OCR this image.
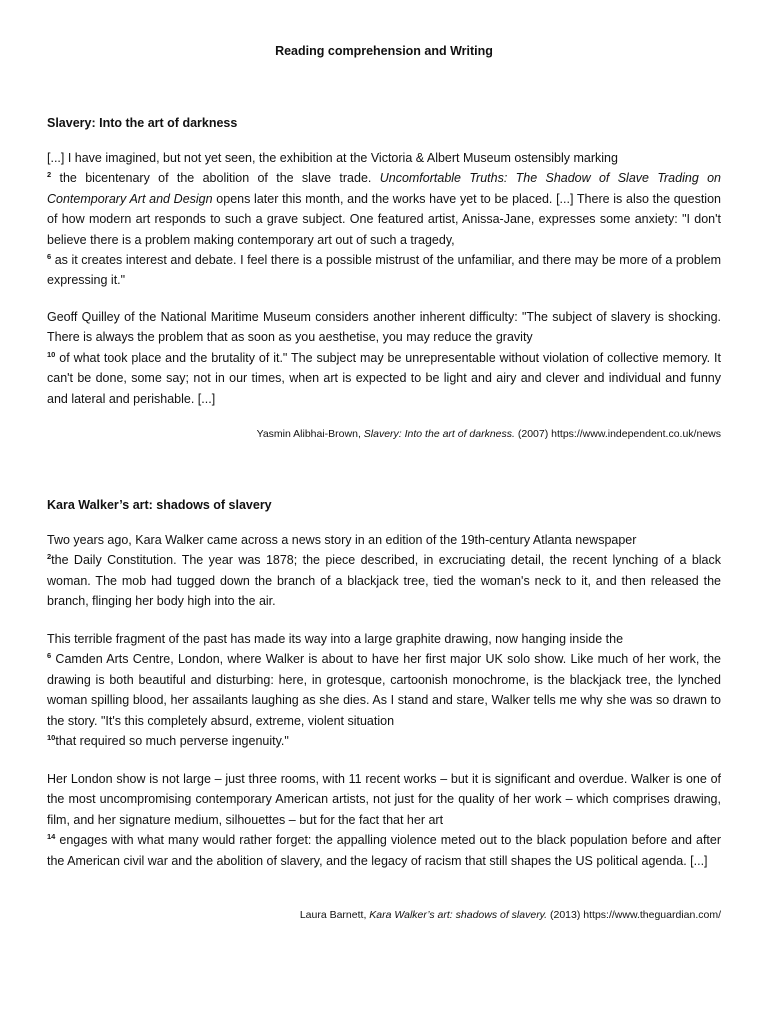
Reading comprehension and Writing
Slavery: Into the art of darkness
[...] I have imagined, but not yet seen, the exhibition at the Victoria & Albert Museum ostensibly marking
$^2$ the bicentenary of the abolition of the slave trade. Uncomfortable Truths: The Shadow of Slave Trading on Contemporary Art and Design opens later this month, and the works have yet to be placed. [...] There is also the question of how modern art responds to such a grave subject. One featured artist, Anissa-Jane, expresses some anxiety: "I don't believe there is a problem making contemporary art out of such a tragedy,
$^6$ as it creates interest and debate. I feel there is a possible mistrust of the unfamiliar, and there may be more of a problem expressing it."
Geoff Quilley of the National Maritime Museum considers another inherent difficulty: "The subject of slavery is shocking. There is always the problem that as soon as you aesthetise, you may reduce the gravity
$^{10}$ of what took place and the brutality of it." The subject may be unrepresentable without violation of collective memory. It can't be done, some say; not in our times, when art is expected to be light and airy and clever and individual and funny and lateral and perishable. [...]
Yasmin Alibhai-Brown, Slavery: Into the art of darkness. (2007) https://www.independent.co.uk/news
Kara Walker’s art: shadows of slavery
Two years ago, Kara Walker came across a news story in an edition of the 19th-century Atlanta newspaper
$^2$the Daily Constitution. The year was 1878; the piece described, in excruciating detail, the recent lynching of a black woman. The mob had tugged down the branch of a blackjack tree, tied the woman's neck to it, and then released the branch, flinging her body high into the air.
This terrible fragment of the past has made its way into a large graphite drawing, now hanging inside the
$^6$ Camden Arts Centre, London, where Walker is about to have her first major UK solo show. Like much of her work, the drawing is both beautiful and disturbing: here, in grotesque, cartoonish monochrome, is the blackjack tree, the lynched woman spilling blood, her assailants laughing as she dies. As I stand and stare, Walker tells me why she was so drawn to the story. "It's this completely absurd, extreme, violent situation
$^{10}$that required so much perverse ingenuity."
Her London show is not large – just three rooms, with 11 recent works – but it is significant and overdue. Walker is one of the most uncompromising contemporary American artists, not just for the quality of her work – which comprises drawing, film, and her signature medium, silhouettes – but for the fact that her art
$^{14}$ engages with what many would rather forget: the appalling violence meted out to the black population before and after the American civil war and the abolition of slavery, and the legacy of racism that still shapes the US political agenda. [...]
Laura Barnett, Kara Walker’s art: shadows of slavery. (2013) https://www.theguardian.com/
